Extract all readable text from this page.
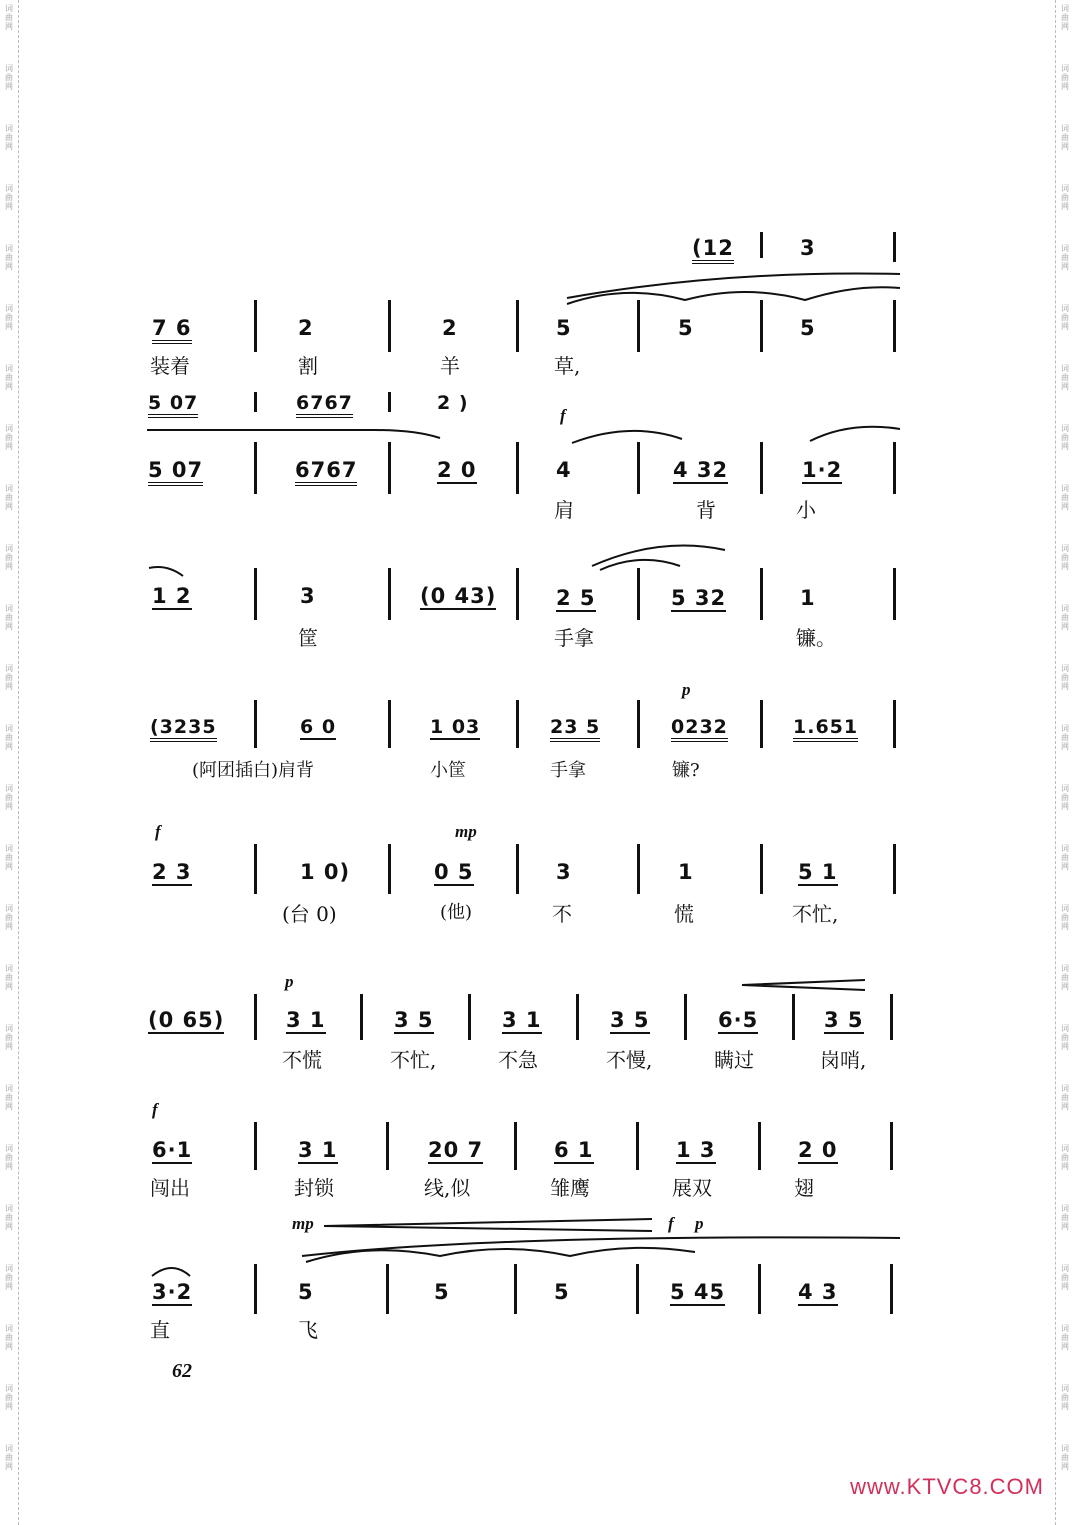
词曲网
词曲网
词曲网
词曲网
词曲网
词曲网
词曲网
词曲网
词曲网
词曲网
词曲网
词曲网
词曲网
词曲网
词曲网
词曲网
词曲网
词曲网
词曲网
词曲网
词曲网
词曲网
词曲网
词曲网
词曲网
词曲网
词曲网
词曲网
词曲网
词曲网
词曲网
词曲网
词曲网
词曲网
词曲网
词曲网
词曲网
词曲网
词曲网
词曲网
词曲网
词曲网
词曲网
词曲网
词曲网
词曲网
词曲网
词曲网
词曲网
词曲网
(12	3
7 6	2	2	5	5	5
装着	割	羊	草,
5 07	6767	2 )
f
5 07	6767	2 0	4	4 32	1·2
肩	背	小
1 2	3	(0 43)	2 5	5 32	1
筐	手拿	镰。
p
(3235	6 0	1 03	23 5	0232	1.651
(阿团插白)肩背	小筐	手拿	镰?
f	mp
2 3	1 0)	0 5	3	1	5 1
(台 0)	(他)	不	慌	不忙,
p
(0 65)	3 1	3 5	3 1	3 5	6·5	3 5
不慌	不忙,	不急	不慢,	瞒过	岗哨,
f
6·1	3 1	20 7	6 1	1 3	2 0
闯出	封锁	线,似	雏鹰	展双	翅
mp	f p
3·2	5	5	5	5 45	4 3
直	飞
62
www.KTVC8.COM
